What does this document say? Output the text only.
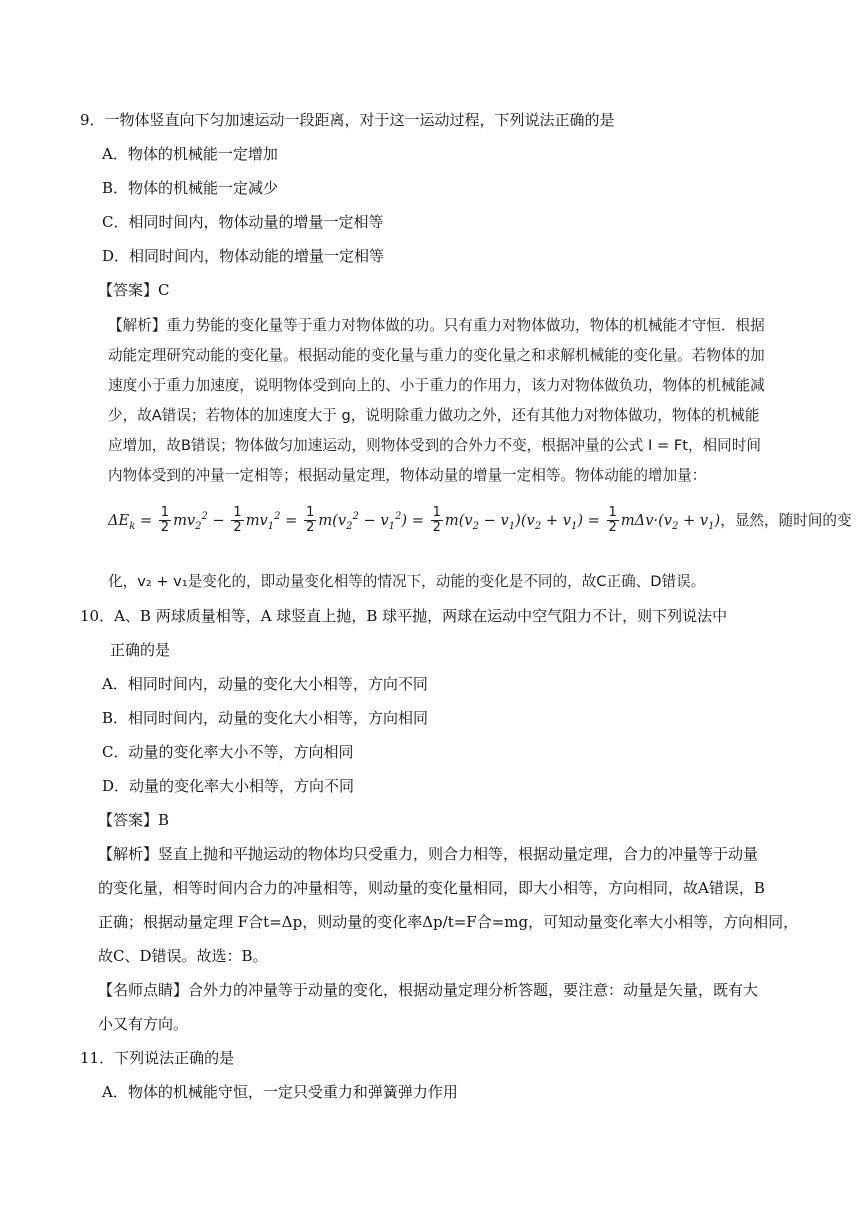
9．一物体竖直向下匀加速运动一段距离，对于这一运动过程，下列说法正确的是
A．物体的机械能一定增加
B．物体的机械能一定减少
C．相同时间内，物体动量的增量一定相等
D．相同时间内，物体动能的增量一定相等
【答案】C
【解析】重力势能的变化量等于重力对物体做的功。只有重力对物体做功，物体的机械能才守恒．根据
动能定理研究动能的变化量。根据动能的变化量与重力的变化量之和求解机械能的变化量。若物体的加
速度小于重力加速度，说明物体受到向上的、小于重力的作用力，该力对物体做负功，物体的机械能减
少，故A错误；若物体的加速度大于 g，说明除重力做功之外，还有其他力对物体做功，物体的机械能
应增加，故B错误；物体做匀加速运动，则物体受到的合外力不变，根据冲量的公式 I = Ft，相同时间
内物体受到的冲量一定相等；根据动量定理，物体动量的增量一定相等。物体动能的增加量：
$\Delta E_k = \frac{1}{2} mv_2^2 - \frac{1}{2} mv_1^2 = \frac{1}{2} m(v_2^2 - v_1^2) = \frac{1}{2} m(v_2 - v_1)(v_2 + v_1) = \frac{1}{2} m\Delta v\cdot(v_2 + v_1)$，显然，随时间的变
化，v₂ + v₁是变化的，即动量变化相等的情况下，动能的变化是不同的，故C正确、D错误。
10．A、B 两球质量相等，A 球竖直上抛，B 球平抛，两球在运动中空气阻力不计，则下列说法中
正确的是
A．相同时间内，动量的变化大小相等，方向不同
B．相同时间内，动量的变化大小相等，方向相同
C．动量的变化率大小不等，方向相同
D．动量的变化率大小相等，方向不同
【答案】B
【解析】竖直上抛和平抛运动的物体均只受重力，则合力相等，根据动量定理，合力的冲量等于动量
的变化量，相等时间内合力的冲量相等，则动量的变化量相同，即大小相等，方向相同，故A错误，B
正确；根据动量定理 F合t=Δp，则动量的变化率Δp/t=F合=mg，可知动量变化率大小相等，方向相同，
故C、D错误。故选：B。
【名师点睛】合外力的冲量等于动量的变化，根据动量定理分析答题，要注意：动量是矢量，既有大
小又有方向。
11．下列说法正确的是
A．物体的机械能守恒，一定只受重力和弹簧弹力作用
